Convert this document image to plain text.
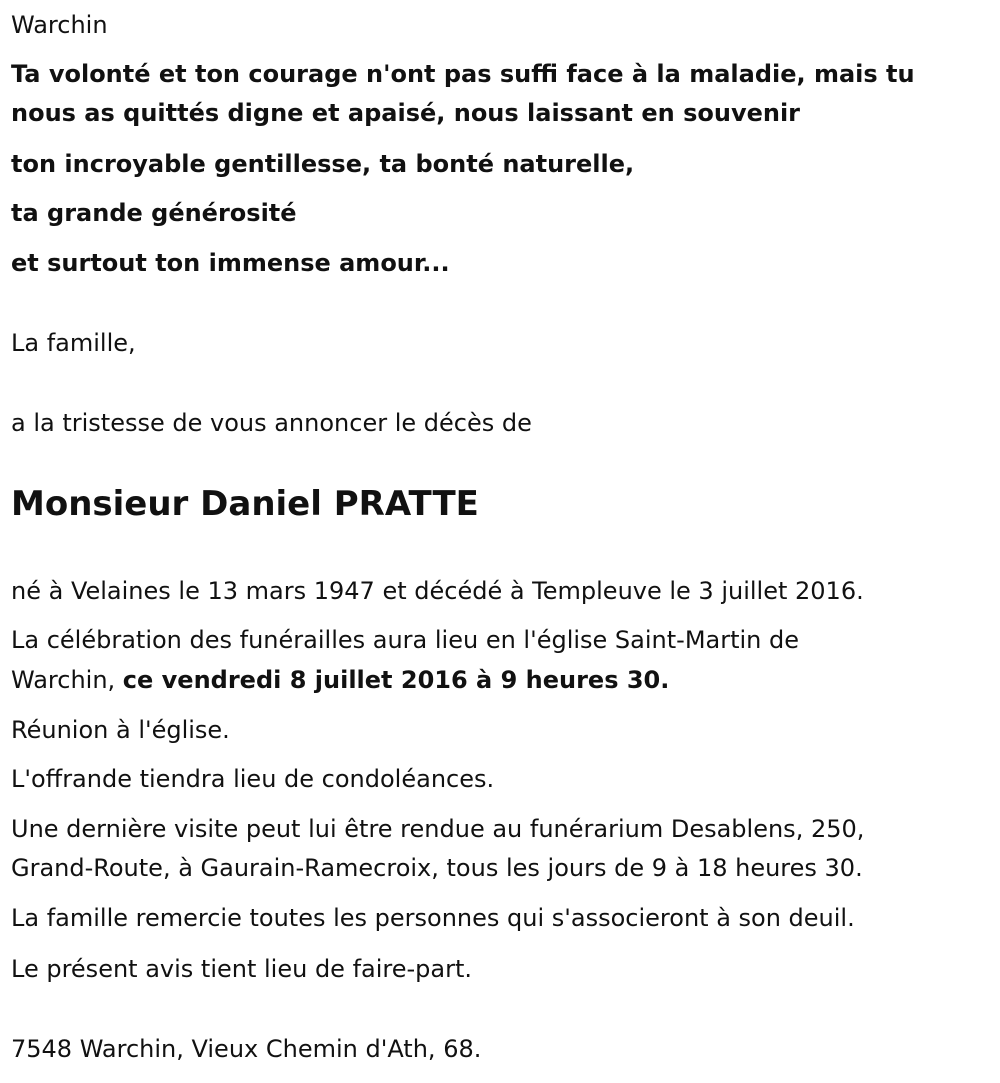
Warchin

Ta volonté et ton courage n'ont pas suffi face à la maladie, mais tu

nous as quittés digne et apaisé, nous laissant en souvenir

ton incroyable gentillesse, ta bonté naturelle,

ta grande générosité

et surtout ton immense amour...

La famille,

a la tristesse de vous annoncer le décès de

Monsieur Daniel PRATTE

né à Velaines le 13 mars 1947 et décédé à Templeuve le 3 juillet 2016.

La célébration des funérailles aura lieu en l'église Saint-Martin de

Warchin, ce vendredi 8 juillet 2016 à 9 heures 30.

Réunion à l'église.

L'offrande tiendra lieu de condoléances.

Une dernière visite peut lui être rendue au funérarium Desablens, 250,

Grand-Route, à Gaurain-Ramecroix, tous les jours de 9 à 18 heures 30.

La famille remercie toutes les personnes qui s'associeront à son deuil.

Le présent avis tient lieu de faire-part.

7548 Warchin, Vieux Chemin d'Ath, 68.
